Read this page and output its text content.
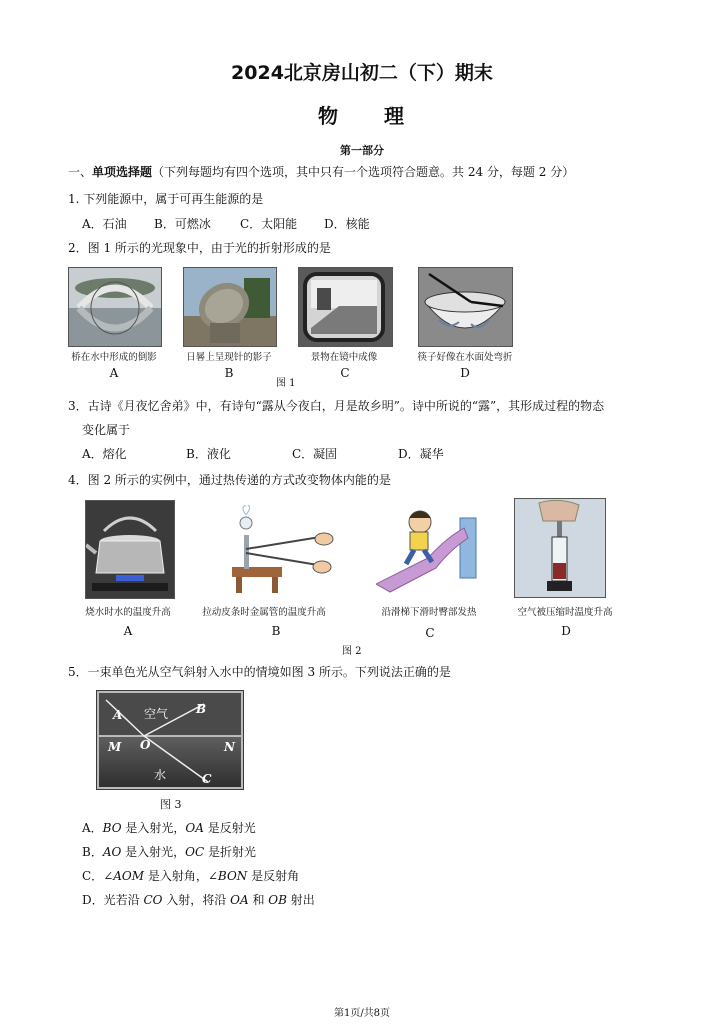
2024北京房山初二（下）期末
物 理
第一部分
一、单项选择题（下列每题均有四个选项，其中只有一个选项符合题意。共 24 分，每题 2 分）
1. 下列能源中，属于可再生能源的是
A．石油 B．可燃冰 C．太阳能 D．核能
2．图 1 所示的光现象中，由于光的折射形成的是
桥在水中形成的倒影	日晷上呈现针的影子	景物在镜中成像	筷子好像在水面处弯折
A	B	C	D
图 1
3．古诗《月夜忆舍弟》中，有诗句“露从今夜白，月是故乡明”。诗中所说的“露”，其形成过程的物态
变化属于
A．熔化	B．液化	C．凝固	D．凝华
4．图 2 所示的实例中，通过热传递的方式改变物体内能的是
烧水时水的温度升高	拉动皮条时金属管的温度升高	沿滑梯下滑时臀部发热	空气被压缩时温度升高
A	B	C	D
图 2
5．一束单色光从空气斜射入水中的情境如图 3 所示。下列说法正确的是
A 空气 B
M O	N
水	C
图 3
A．BO 是入射光，OA 是反射光
B．AO 是入射光，OC 是折射光
C．∠AOM 是入射角，∠BON 是反射角
D．光若沿 CO 入射，将沿 OA 和 OB 射出
第1页/共8页
